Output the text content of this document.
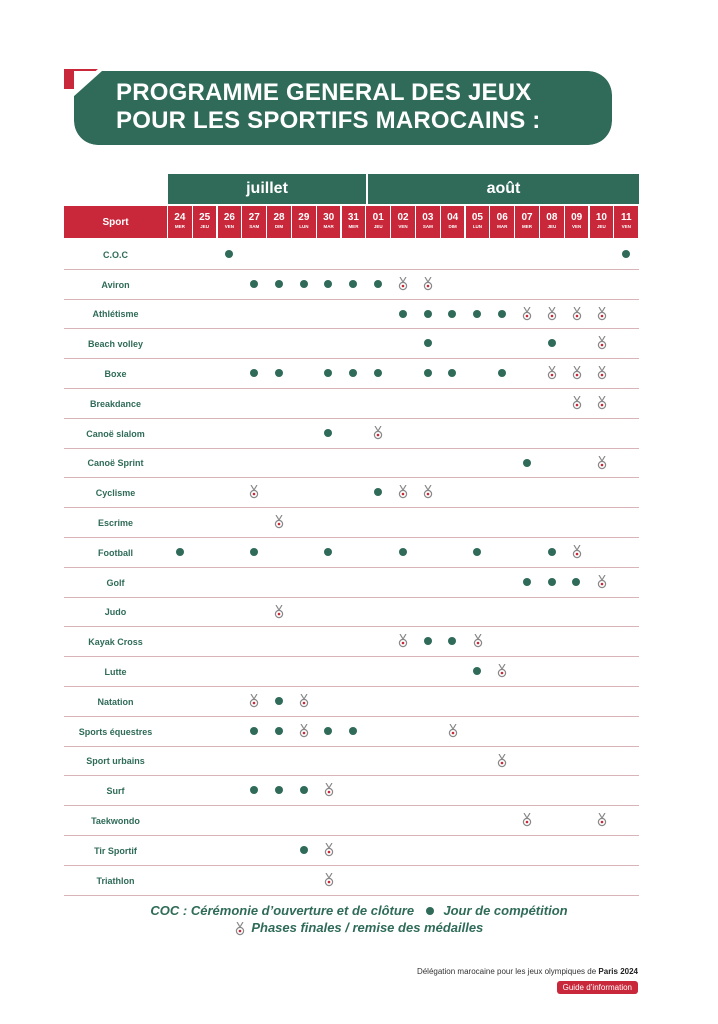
PROGRAMME GENERAL DES JEUX
POUR LES SPORTIFS MAROCAINS :
juillet	août
Sport	24
MER
25
JEU
26
VEN
27
SAM
28
DIM
29
LUN
30
MAR
31
MER
01
JEU
02
VEN
03
SAM
04
DIM
05
LUN
06
MAR
07
MER
08
JEU
09
VEN
10
JEU
11
VEN
C.O.C
Aviron
Athlétisme
Beach volley
Boxe
Breakdance
Canoë slalom
Canoë Sprint
Cyclisme
Escrime
Football
Golf
Judo
Kayak Cross
Lutte
Natation
Sports équestres
Sport urbains
Surf
Taekwondo
Tir Sportif
Triathlon
COC : Cérémonie d’ouverture et de clôture Jour de compétition
Phases finales / remise des médailles
Délégation marocaine pour les jeux olympiques de Paris 2024
Guide d’information
